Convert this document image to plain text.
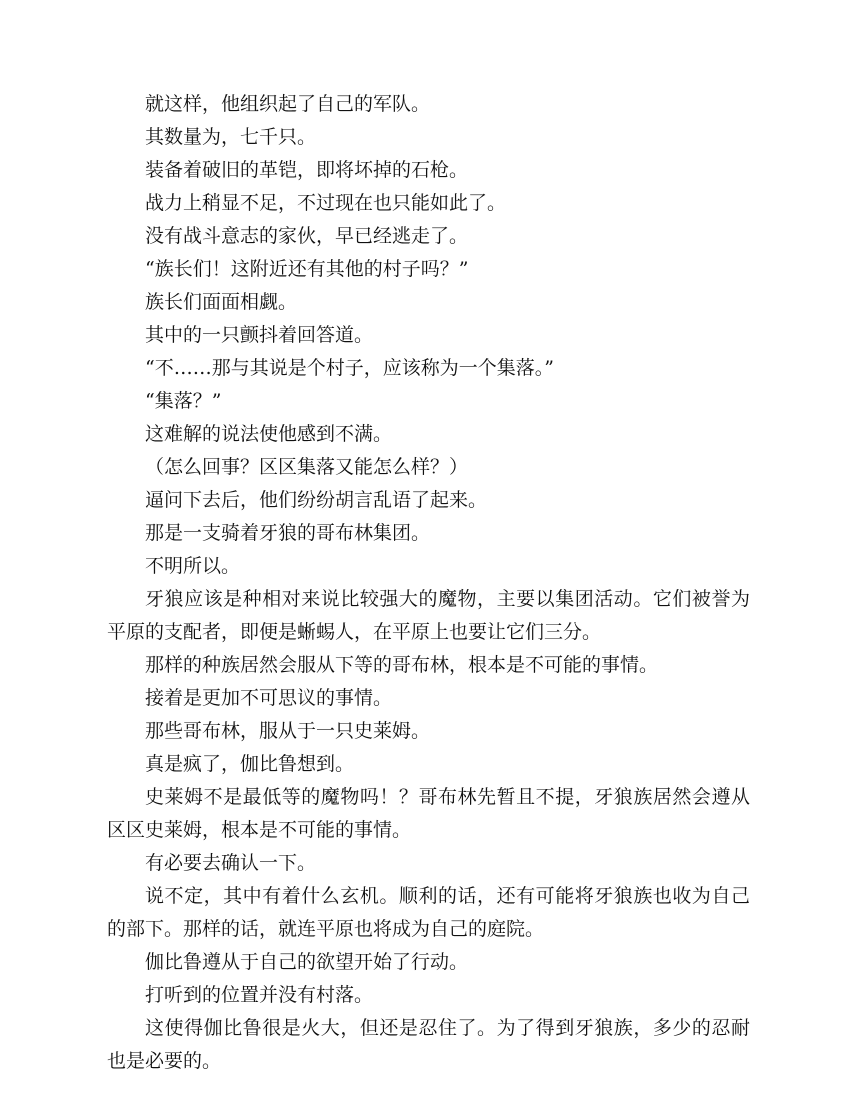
就这样，他组织起了自己的军队。

其数量为，七千只。

装备着破旧的革铠，即将坏掉的石枪。

战力上稍显不足，不过现在也只能如此了。

没有战斗意志的家伙，早已经逃走了。

“族长们！这附近还有其他的村子吗？”

族长们面面相觑。

其中的一只颤抖着回答道。

“不……那与其说是个村子，应该称为一个集落。”

“集落？”

这难解的说法使他感到不满。

（怎么回事？区区集落又能怎么样？）

逼问下去后，他们纷纷胡言乱语了起来。

那是一支骑着牙狼的哥布林集团。

不明所以。

牙狼应该是种相对来说比较强大的魔物，主要以集团活动。它们被誉为平原的支配者，即便是蜥蜴人，在平原上也要让它们三分。

那样的种族居然会服从下等的哥布林，根本是不可能的事情。

接着是更加不可思议的事情。

那些哥布林，服从于一只史莱姆。

真是疯了，伽比鲁想到。

史莱姆不是最低等的魔物吗！？哥布林先暂且不提，牙狼族居然会遵从区区史莱姆，根本是不可能的事情。

有必要去确认一下。

说不定，其中有着什么玄机。顺利的话，还有可能将牙狼族也收为自己的部下。那样的话，就连平原也将成为自己的庭院。

伽比鲁遵从于自己的欲望开始了行动。

打听到的位置并没有村落。

这使得伽比鲁很是火大，但还是忍住了。为了得到牙狼族，多少的忍耐也是必要的。
